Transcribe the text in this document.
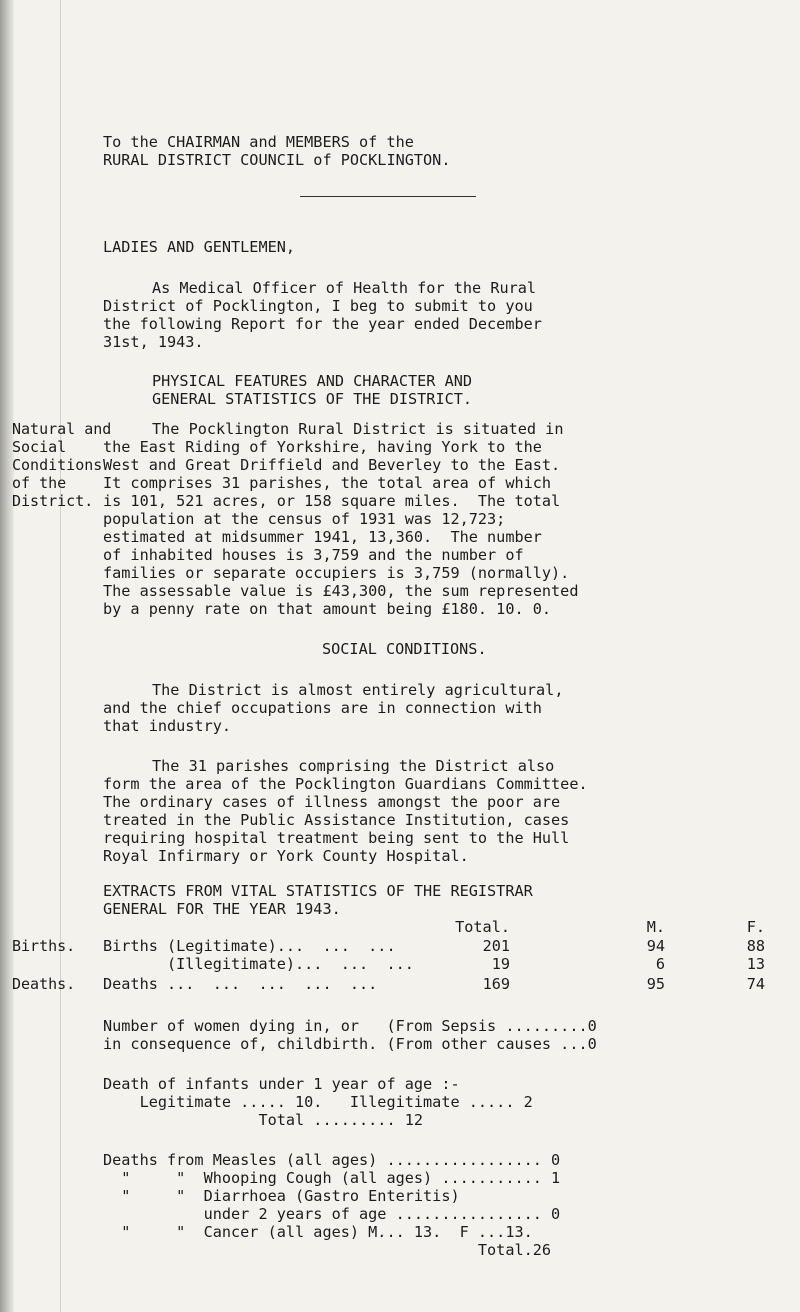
To the CHAIRMAN and MEMBERS of the
RURAL DISTRICT COUNCIL of POCKLINGTON.
LADIES AND GENTLEMEN,
As Medical Officer of Health for the Rural
District of Pocklington, I beg to submit to you
the following Report for the year ended December
31st, 1943.
PHYSICAL FEATURES AND CHARACTER AND
GENERAL STATISTICS OF THE DISTRICT.
Natural and
Social
Conditions
of the
District.
The Pocklington Rural District is situated in
the East Riding of Yorkshire, having York to the
West and Great Driffield and Beverley to the East.
It comprises 31 parishes, the total area of which
is 101, 521 acres, or 158 square miles.  The total
population at the census of 1931 was 12,723;
estimated at midsummer 1941, 13,360.  The number
of inhabited houses is 3,759 and the number of
families or separate occupiers is 3,759 (normally).
The assessable value is £43,300, the sum represented
by a penny rate on that amount being £180. 10. 0.
SOCIAL CONDITIONS.
The District is almost entirely agricultural,
and the chief occupations are in connection with
that industry.
The 31 parishes comprising the District also
form the area of the Pocklington Guardians Committee.
The ordinary cases of illness amongst the poor are
treated in the Public Assistance Institution, cases
requiring hospital treatment being sent to the Hull
Royal Infirmary or York County Hospital.
EXTRACTS FROM VITAL STATISTICS OF THE REGISTRAR
GENERAL FOR THE YEAR 1943.
Total.	M.	F.
Births.
Deaths.
Births (Legitimate)...  ...  ...	201	94	88
(Illegitimate)...  ...  ...	19	6	13
Deaths ...  ...  ...  ...  ...	169	95	74
Number of women dying in, or   (From Sepsis .........0
in consequence of, childbirth. (From other causes ...0
Death of infants under 1 year of age :-
Legitimate ..... 10.   Illegitimate ..... 2
Total ......... 12
Deaths from Measles (all ages) ................. 0
"     "  Whooping Cough (all ages) ........... 1
"     "  Diarrhoea (Gastro Enteritis)
under 2 years of age ................ 0
"     "  Cancer (all ages) M... 13.  F ...13.
Total.26
